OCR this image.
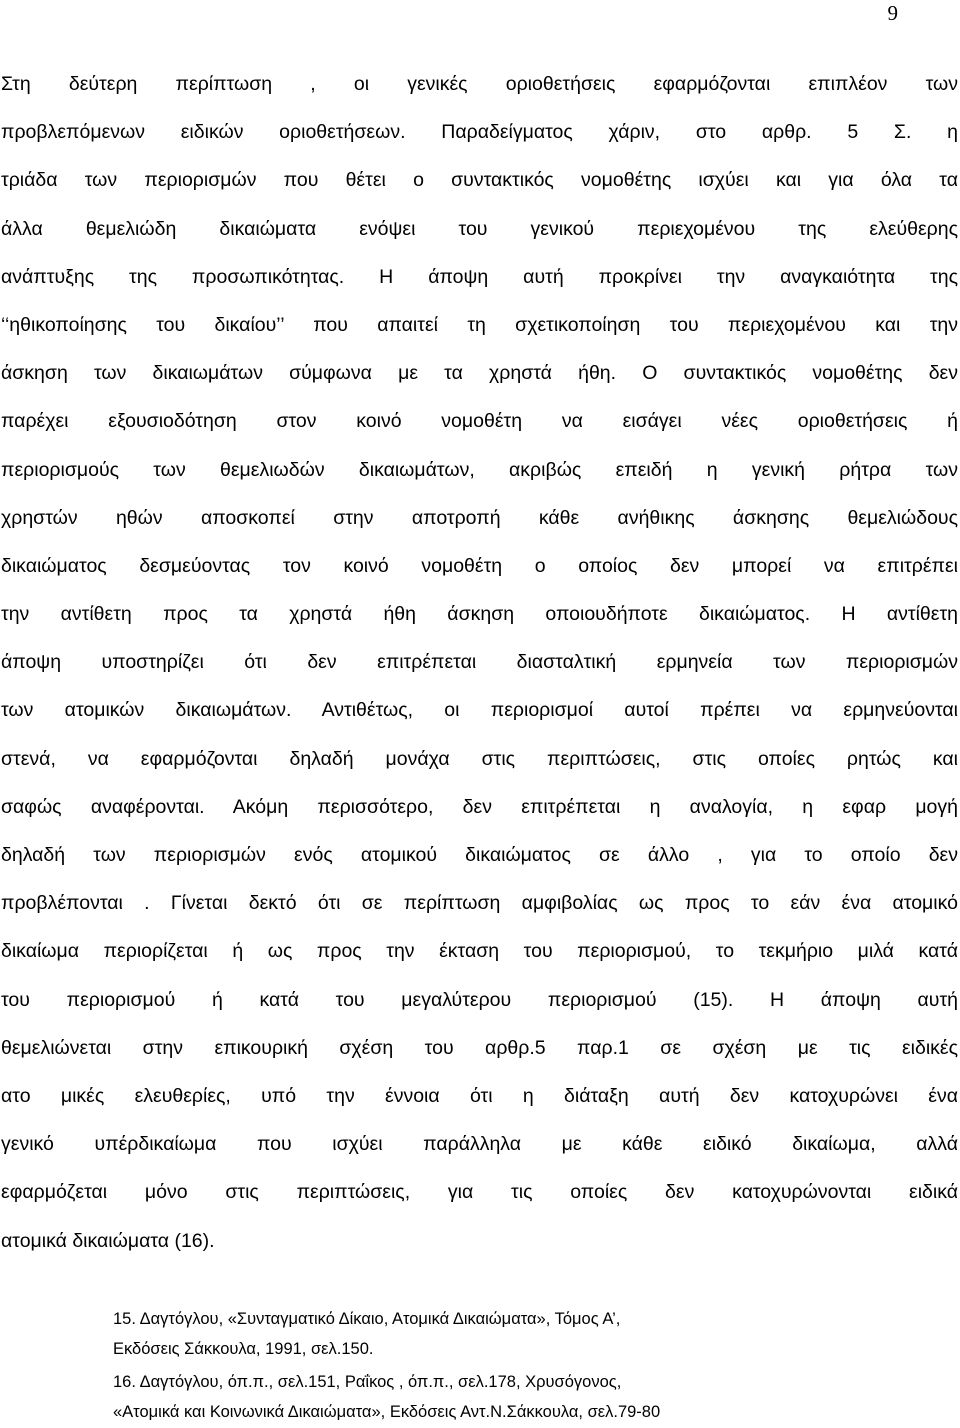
9
Στη δεύτερη περίπτωση , οι γενικές οριοθετήσεις εφαρμόζονται επιπλέον των
προβλεπόμενων ειδικών οριοθετήσεων. Παραδείγματος χάριν, στο αρθρ. 5 Σ. η
τριάδα των περιορισμών που θέτει ο συντακτικός νομοθέτης ισχύει και για όλα τα
άλλα θεμελιώδη δικαιώματα ενόψει του γενικού περιεχομένου της ελεύθερης
ανάπτυξης της προσωπικότητας. Η άποψη αυτή προκρίνει την αναγκαιότητα της
‘‘ηθικοποίησης του δικαίου’’ που απαιτεί τη σχετικοποίηση του περιεχομένου και την
άσκηση των δικαιωμάτων σύμφωνα με τα χρηστά ήθη. Ο συντακτικός νομοθέτης δεν
παρέχει εξουσιοδότηση στον κοινό νομοθέτη να εισάγει νέες οριοθετήσεις ή
περιορισμούς των θεμελιωδών δικαιωμάτων, ακριβώς επειδή η γενική ρήτρα των
χρηστών ηθών αποσκοπεί στην αποτροπή κάθε ανήθικης άσκησης θεμελιώδους
δικαιώματος δεσμεύοντας τον κοινό νομοθέτη ο οποίος δεν μπορεί να επιτρέπει
την αντίθετη προς τα χρηστά ήθη άσκηση οποιουδήποτε δικαιώματος. Η αντίθετη
άποψη υποστηρίζει ότι δεν επιτρέπεται διασταλτική ερμηνεία των περιορισμών
των ατομικών δικαιωμάτων. Αντιθέτως, οι περιορισμοί αυτοί πρέπει να ερμηνεύονται
στενά, να εφαρμόζονται δηλαδή μονάχα στις περιπτώσεις, στις οποίες ρητώς και
σαφώς αναφέρονται. Ακόμη περισσότερο, δεν επιτρέπεται η αναλογία, η εφαρ μογή
δηλαδή των περιορισμών ενός ατομικού δικαιώματος σε άλλο , για το οποίο δεν
προβλέπονται . Γίνεται δεκτό ότι σε περίπτωση αμφιβολίας ως προς το εάν ένα ατομικό
δικαίωμα περιορίζεται ή ως προς την έκταση του περιορισμού, το τεκμήριο μιλά κατά
του περιορισμού ή κατά του μεγαλύτερου περιορισμού (15). Η άποψη αυτή
θεμελιώνεται στην επικουρική σχέση του αρθρ.5 παρ.1 σε σχέση με τις ειδικές
ατο μικές ελευθερίες, υπό την έννοια ότι η διάταξη αυτή δεν κατοχυρώνει ένα
γενικό υπέρδικαίωμα που ισχύει παράλληλα με κάθε ειδικό δικαίωμα, αλλά
εφαρμόζεται μόνο στις περιπτώσεις, για τις οποίες δεν κατοχυρώνονται ειδικά
ατομικά δικαιώματα (16).
15. Δαγτόγλου, «Συνταγματικό Δίκαιο, Ατομικά Δικαιώματα», Τόμος Α’,
Εκδόσεις Σάκκουλα, 1991, σελ.150.
16. Δαγτόγλου, όπ.π., σελ.151, Ραΐκος , όπ.π., σελ.178, Χρυσόγονος,
«Ατομικά και Κοινωνικά Δικαιώματα», Εκδόσεις Αντ.Ν.Σάκκουλα, σελ.79-80
